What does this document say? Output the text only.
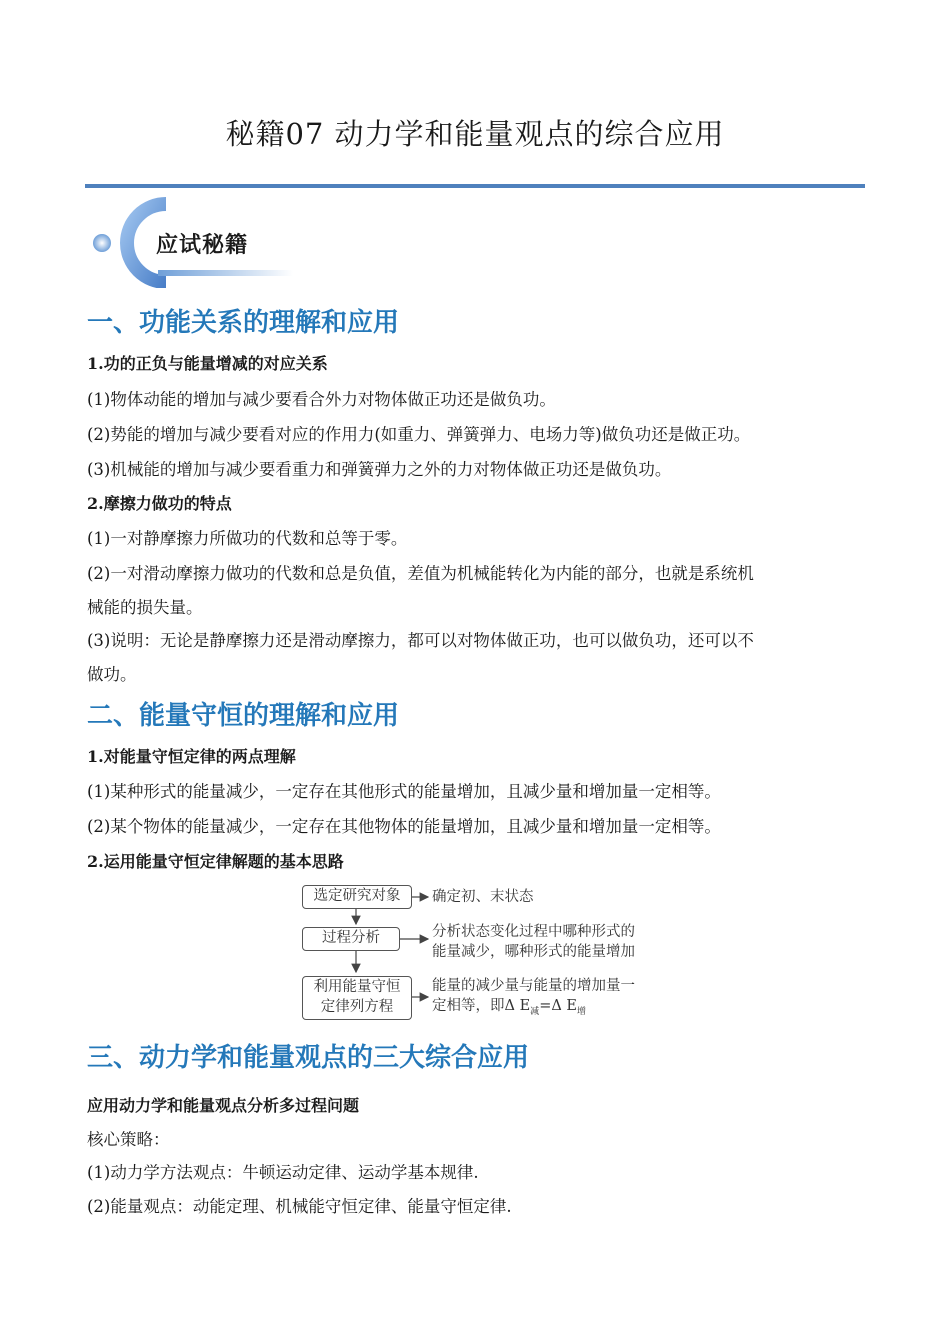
秘籍07 动力学和能量观点的综合应用
应试秘籍
一、功能关系的理解和应用
1.功的正负与能量增减的对应关系
(1)物体动能的增加与减少要看合外力对物体做正功还是做负功。
(2)势能的增加与减少要看对应的作用力(如重力、弹簧弹力、电场力等)做负功还是做正功。
(3)机械能的增加与减少要看重力和弹簧弹力之外的力对物体做正功还是做负功。
2.摩擦力做功的特点
(1)一对静摩擦力所做功的代数和总等于零。
(2)一对滑动摩擦力做功的代数和总是负值，差值为机械能转化为内能的部分，也就是系统机
械能的损失量。
(3)说明：无论是静摩擦力还是滑动摩擦力，都可以对物体做正功，也可以做负功，还可以不
做功。
二、能量守恒的理解和应用
1.对能量守恒定律的两点理解
(1)某种形式的能量减少，一定存在其他形式的能量增加，且减少量和增加量一定相等。
(2)某个物体的能量减少，一定存在其他物体的能量增加，且减少量和增加量一定相等。
2.运用能量守恒定律解题的基本思路
选定研究对象
过程分析
利用能量守恒
定律列方程
确定初、末状态
分析状态变化过程中哪种形式的
能量减少，哪种形式的能量增加
能量的减少量与能量的增加量一
定相等，即Δ $E_减=\Delta$ $E_增$
三、动力学和能量观点的三大综合应用
应用动力学和能量观点分析多过程问题
核心策略：
(1)动力学方法观点：牛顿运动定律、运动学基本规律.
(2)能量观点：动能定理、机械能守恒定律、能量守恒定律.
